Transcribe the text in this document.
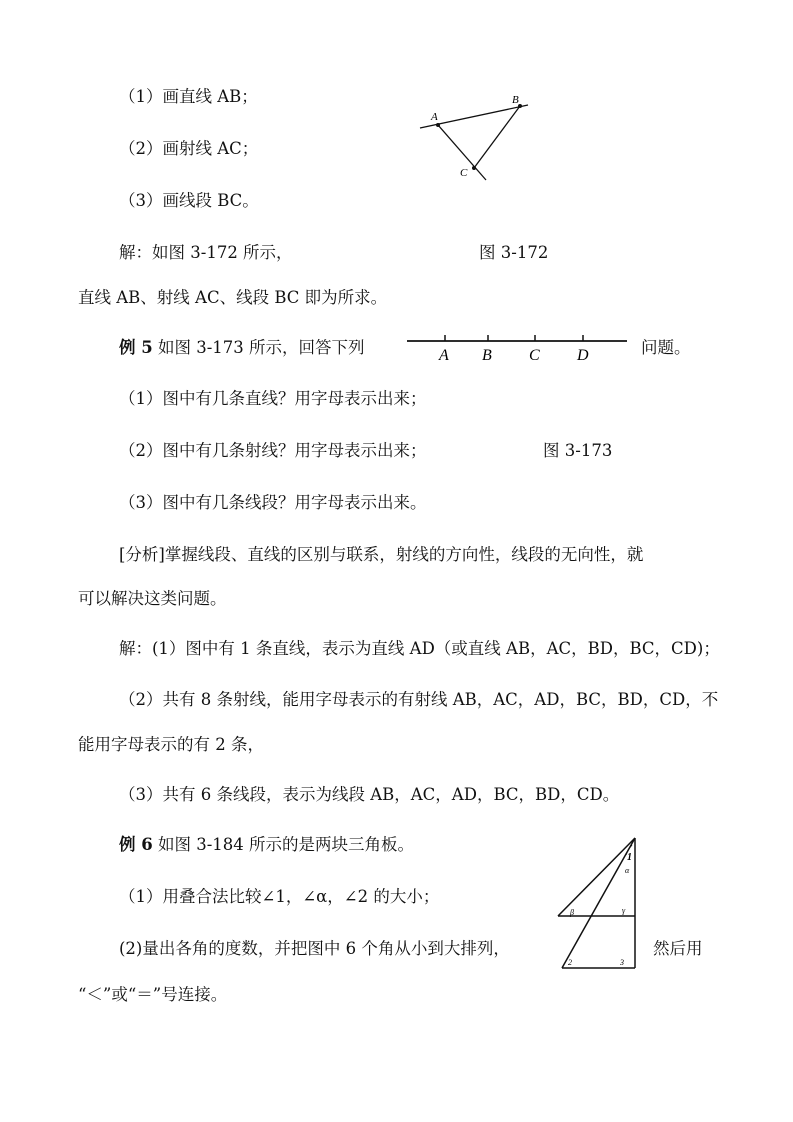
（1）画直线 AB；
（2）画射线 AC；
（3）画线段 BC。
解：如图 3-172 所示，	图 3-172
直线 AB、射线 AC、线段 BC 即为所求。
A
B
C
例 5 如图 3-173 所示，回答下列	问题。
A B C D
（1）图中有几条直线？用字母表示出来；
（2）图中有几条射线？用字母表示出来；	图 3-173
（3）图中有几条线段？用字母表示出来。
[分析]掌握线段、直线的区别与联系，射线的方向性，线段的无向性，就
可以解决这类问题。
解：(1）图中有 1 条直线，表示为直线 AD（或直线 AB，AC，BD，BC，CD)；
（2）共有 8 条射线，能用字母表示的有射线 AB，AC，AD，BC，BD，CD，不
能用字母表示的有 2 条，
（3）共有 6 条线段，表示为线段 AB，AC，AD，BC，BD，CD。
例 6 如图 3-184 所示的是两块三角板。
（1）用叠合法比较∠1，∠α，∠2 的大小；
(2)量出各角的度数，并把图中 6 个角从小到大排列，	然后用
“＜”或“＝”号连接。
1
α
β	γ
2	3
